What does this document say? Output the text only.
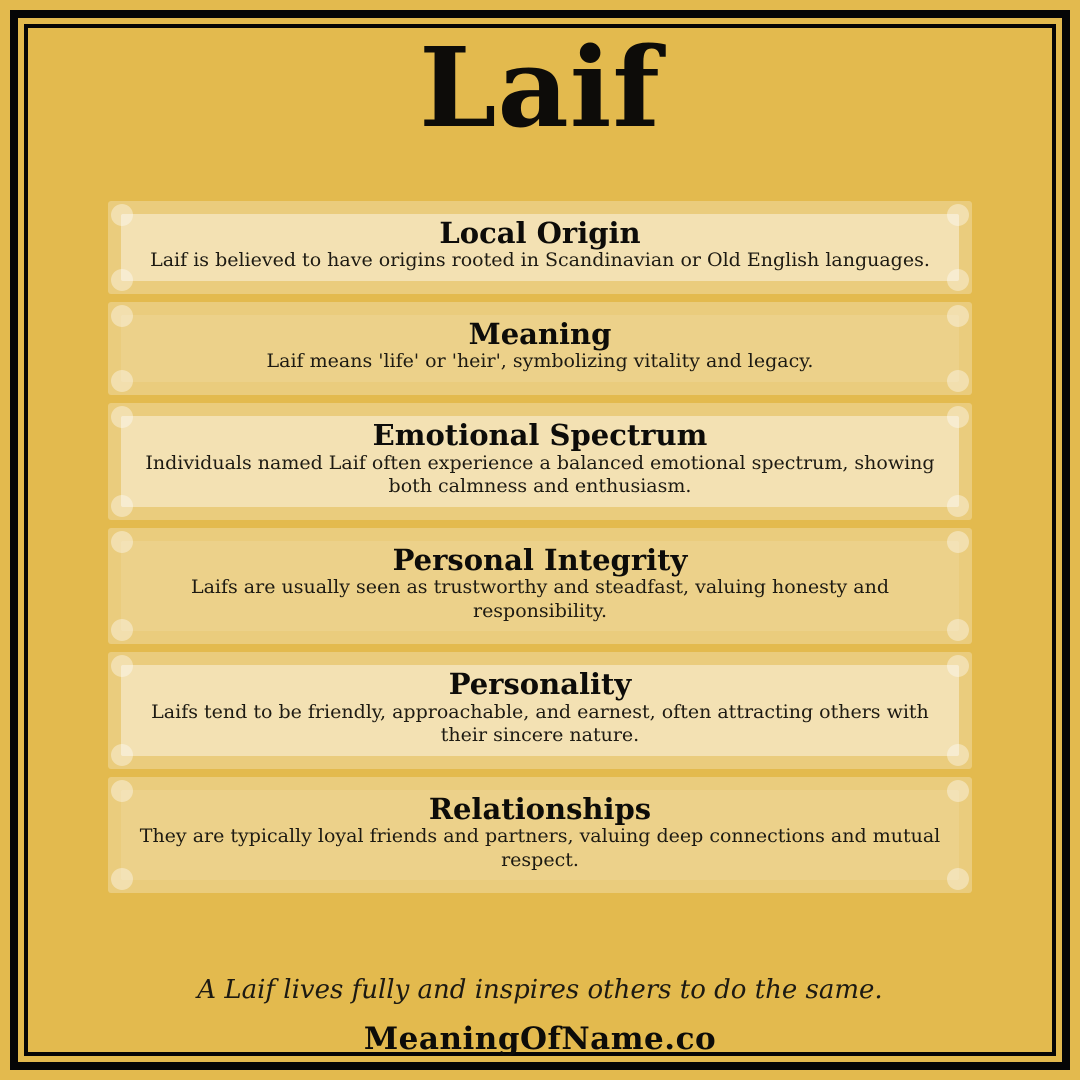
Laif
Local Origin
Laif is believed to have origins rooted in Scandinavian or Old English languages.
Meaning
Laif means 'life' or 'heir', symbolizing vitality and legacy.
Emotional Spectrum
Individuals named Laif often experience a balanced emotional spectrum, showing both calmness and enthusiasm.
Personal Integrity
Laifs are usually seen as trustworthy and steadfast, valuing honesty and responsibility.
Personality
Laifs tend to be friendly, approachable, and earnest, often attracting others with their sincere nature.
Relationships
They are typically loyal friends and partners, valuing deep connections and mutual respect.
A Laif lives fully and inspires others to do the same.
MeaningOfName.co
